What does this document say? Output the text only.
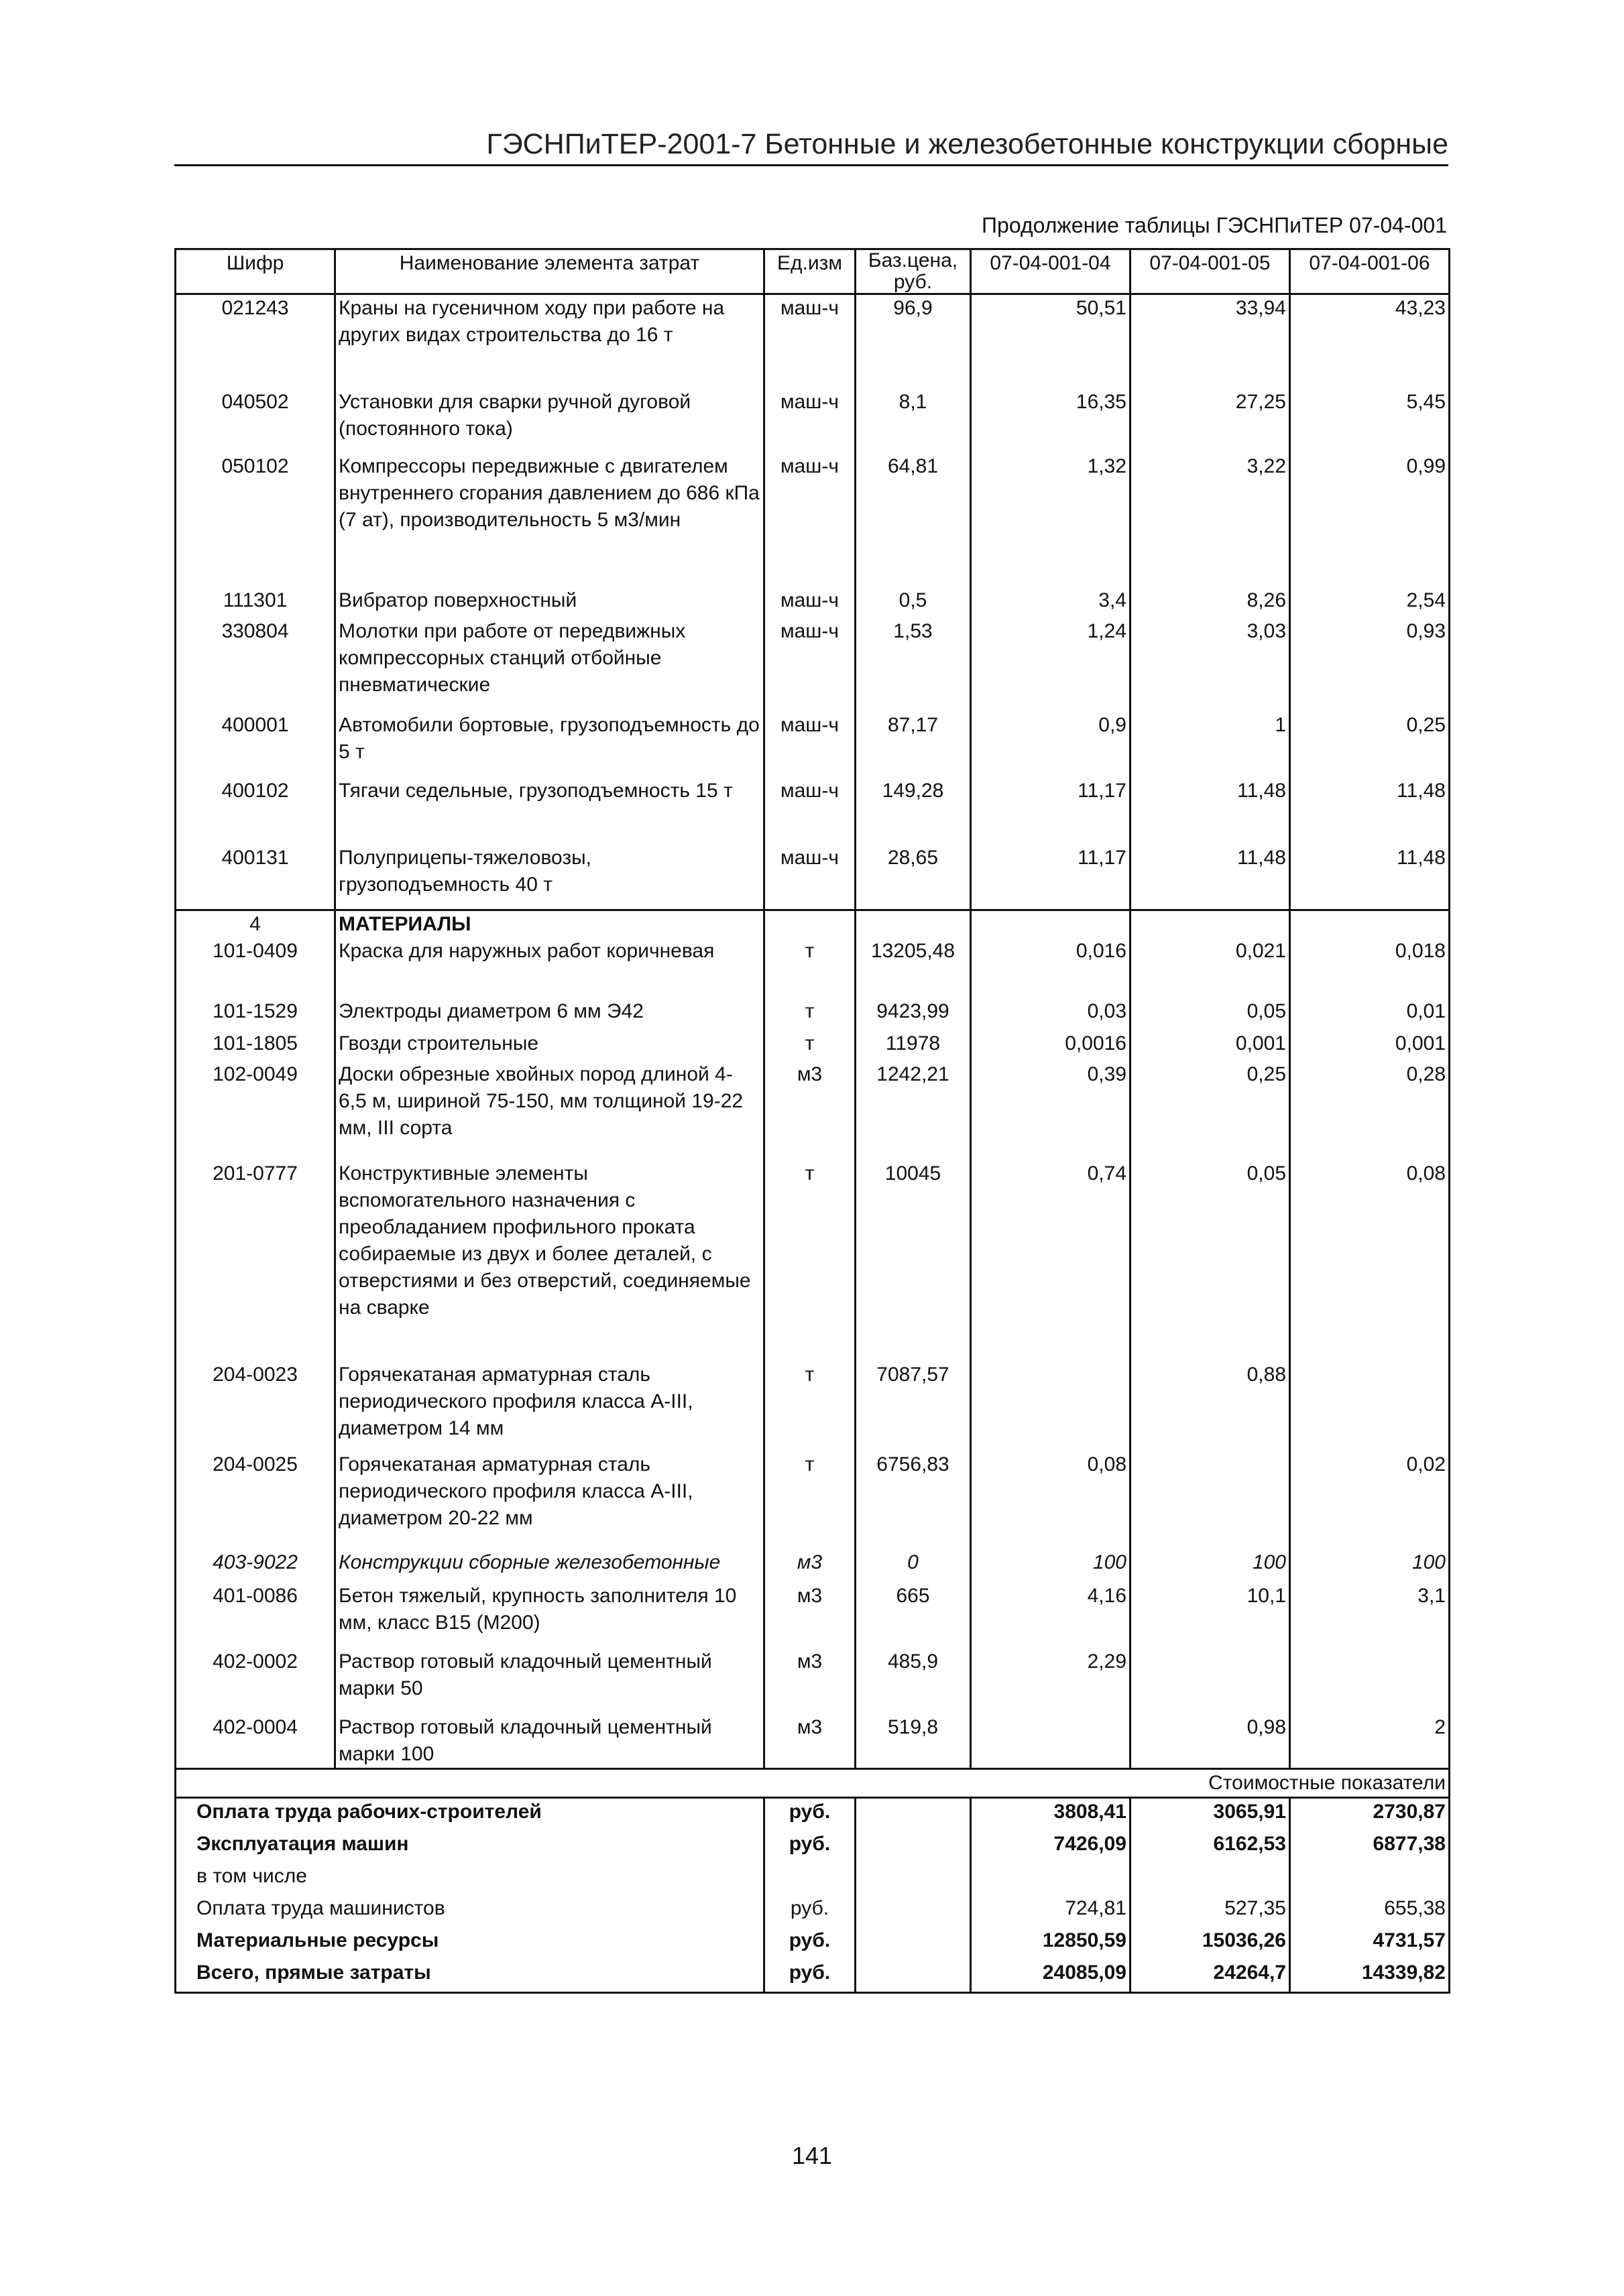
ГЭСНПиТЕР-2001-7 Бетонные и железобетонные конструкции сборные
Продолжение таблицы ГЭСНПиТЕР 07-04-001
Шифр	Наименование элемента затрат	Ед.изм	Баз.цена, руб.	07-04-001-04	07-04-001-05	07-04-001-06
021243	Краны на гусеничном ходу при работе на других видах строительства до 16 т	маш-ч	96,9	50,51	33,94	43,23
040502	Установки для сварки ручной дуговой (постоянного тока)	маш-ч	8,1	16,35	27,25	5,45
050102	Компрессоры передвижные с двигателем внутреннего сгорания давлением до 686 кПа (7 ат), производительность 5 м3/мин	маш-ч	64,81	1,32	3,22	0,99
111301	Вибратор поверхностный	маш-ч	0,5	3,4	8,26	2,54
330804	Молотки при работе от передвижных компрессорных станций отбойные пневматические	маш-ч	1,53	1,24	3,03	0,93
400001	Автомобили бортовые, грузоподъемность до 5 т	маш-ч	87,17	0,9	1	0,25
400102	Тягачи седельные, грузоподъемность 15 т	маш-ч	149,28	11,17	11,48	11,48
400131	Полуприцепы-тяжеловозы, грузоподъемность 40 т	маш-ч	28,65	11,17	11,48	11,48
4	МАТЕРИАЛЫ					
101-0409	Краска для наружных работ коричневая	т	13205,48	0,016	0,021	0,018
101-1529	Электроды диаметром 6 мм Э42	т	9423,99	0,03	0,05	0,01
101-1805	Гвозди строительные	т	11978	0,0016	0,001	0,001
102-0049	Доски обрезные хвойных пород длиной 4-6,5 м, шириной 75-150, мм толщиной 19-22 мм, III сорта	м3	1242,21	0,39	0,25	0,28
201-0777	Конструктивные элементы вспомогательного назначения с преобладанием профильного проката собираемые из двух и более деталей, с отверстиями и без отверстий, соединяемые на сварке	т	10045	0,74	0,05	0,08
204-0023	Горячекатаная арматурная сталь периодического профиля класса А-III, диаметром 14 мм	т	7087,57		0,88	
204-0025	Горячекатаная арматурная сталь периодического профиля класса А-III, диаметром 20-22 мм	т	6756,83	0,08		0,02
403-9022	Конструкции сборные железобетонные	м3	0	100	100	100
401-0086	Бетон тяжелый, крупность заполнителя 10 мм, класс В15 (М200)	м3	665	4,16	10,1	3,1
402-0002	Раствор готовый кладочный цементный марки 50	м3	485,9	2,29		
402-0004	Раствор готовый кладочный цементный марки 100	м3	519,8		0,98	2
Стоимостные показатели						
Оплата труда рабочих-строителей		руб.		3808,41	3065,91	2730,87
Эксплуатация машин		руб.		7426,09	6162,53	6877,38
в том числе						
Оплата труда машинистов		руб.		724,81	527,35	655,38
Материальные ресурсы		руб.		12850,59	15036,26	4731,57
Всего, прямые затраты		руб.		24085,09	24264,7	14339,82
141
